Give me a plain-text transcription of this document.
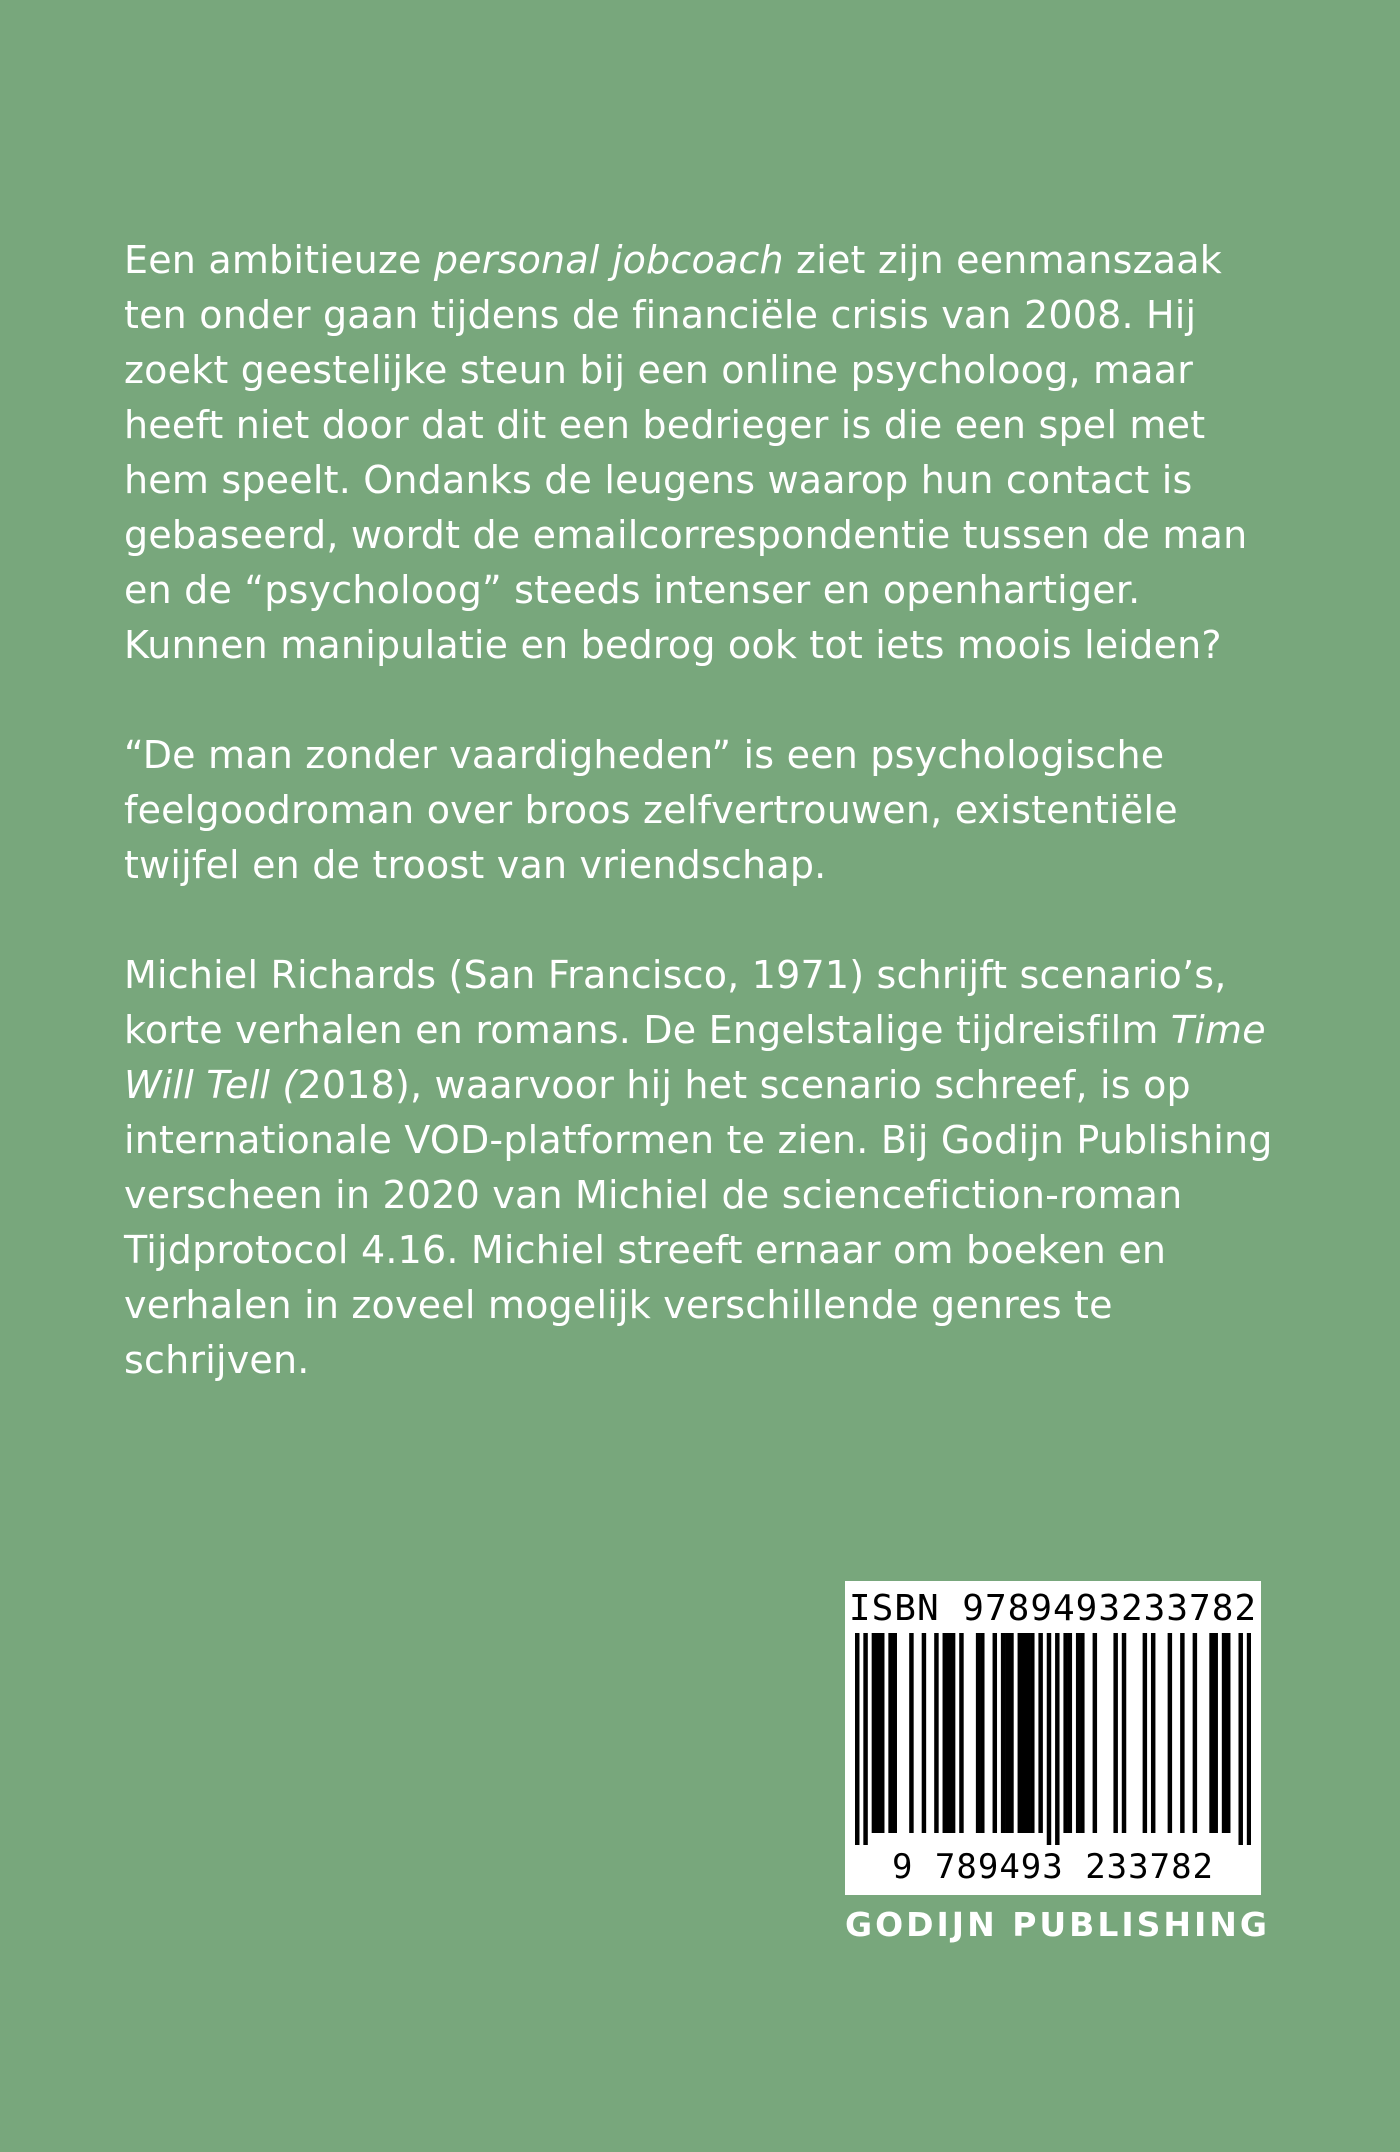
Een ambitieuze personal jobcoach ziet zijn eenmanszaak ten onder gaan tijdens de financiële crisis van 2008. Hij zoekt geestelijke steun bij een online psycholoog, maar heeft niet door dat dit een bedrieger is die een spel met hem speelt. Ondanks de leugens waarop hun contact is gebaseerd, wordt de emailcorrespondentie tussen de man en de “psycholoog” steeds intenser en openhartiger. Kunnen manipulatie en bedrog ook tot iets moois leiden?

“De man zonder vaardigheden” is een psychologische feelgoodroman over broos zelfvertrouwen, existentiële twijfel en de troost van vriendschap.

Michiel Richards (San Francisco, 1971) schrijft scenario’s, korte verhalen en romans. De Engelstalige tijdreisfilm Time Will Tell (2018), waarvoor hij het scenario schreef, is op internationale VOD-platformen te zien. Bij Godijn Publishing verscheen in 2020 van Michiel de sciencefiction-roman Tijdprotocol 4.16. Michiel streeft ernaar om boeken en verhalen in zoveel mogelijk verschillende genres te schrijven.

ISBN 9789493233782
9 789493 233782
GODIJN PUBLISHING
